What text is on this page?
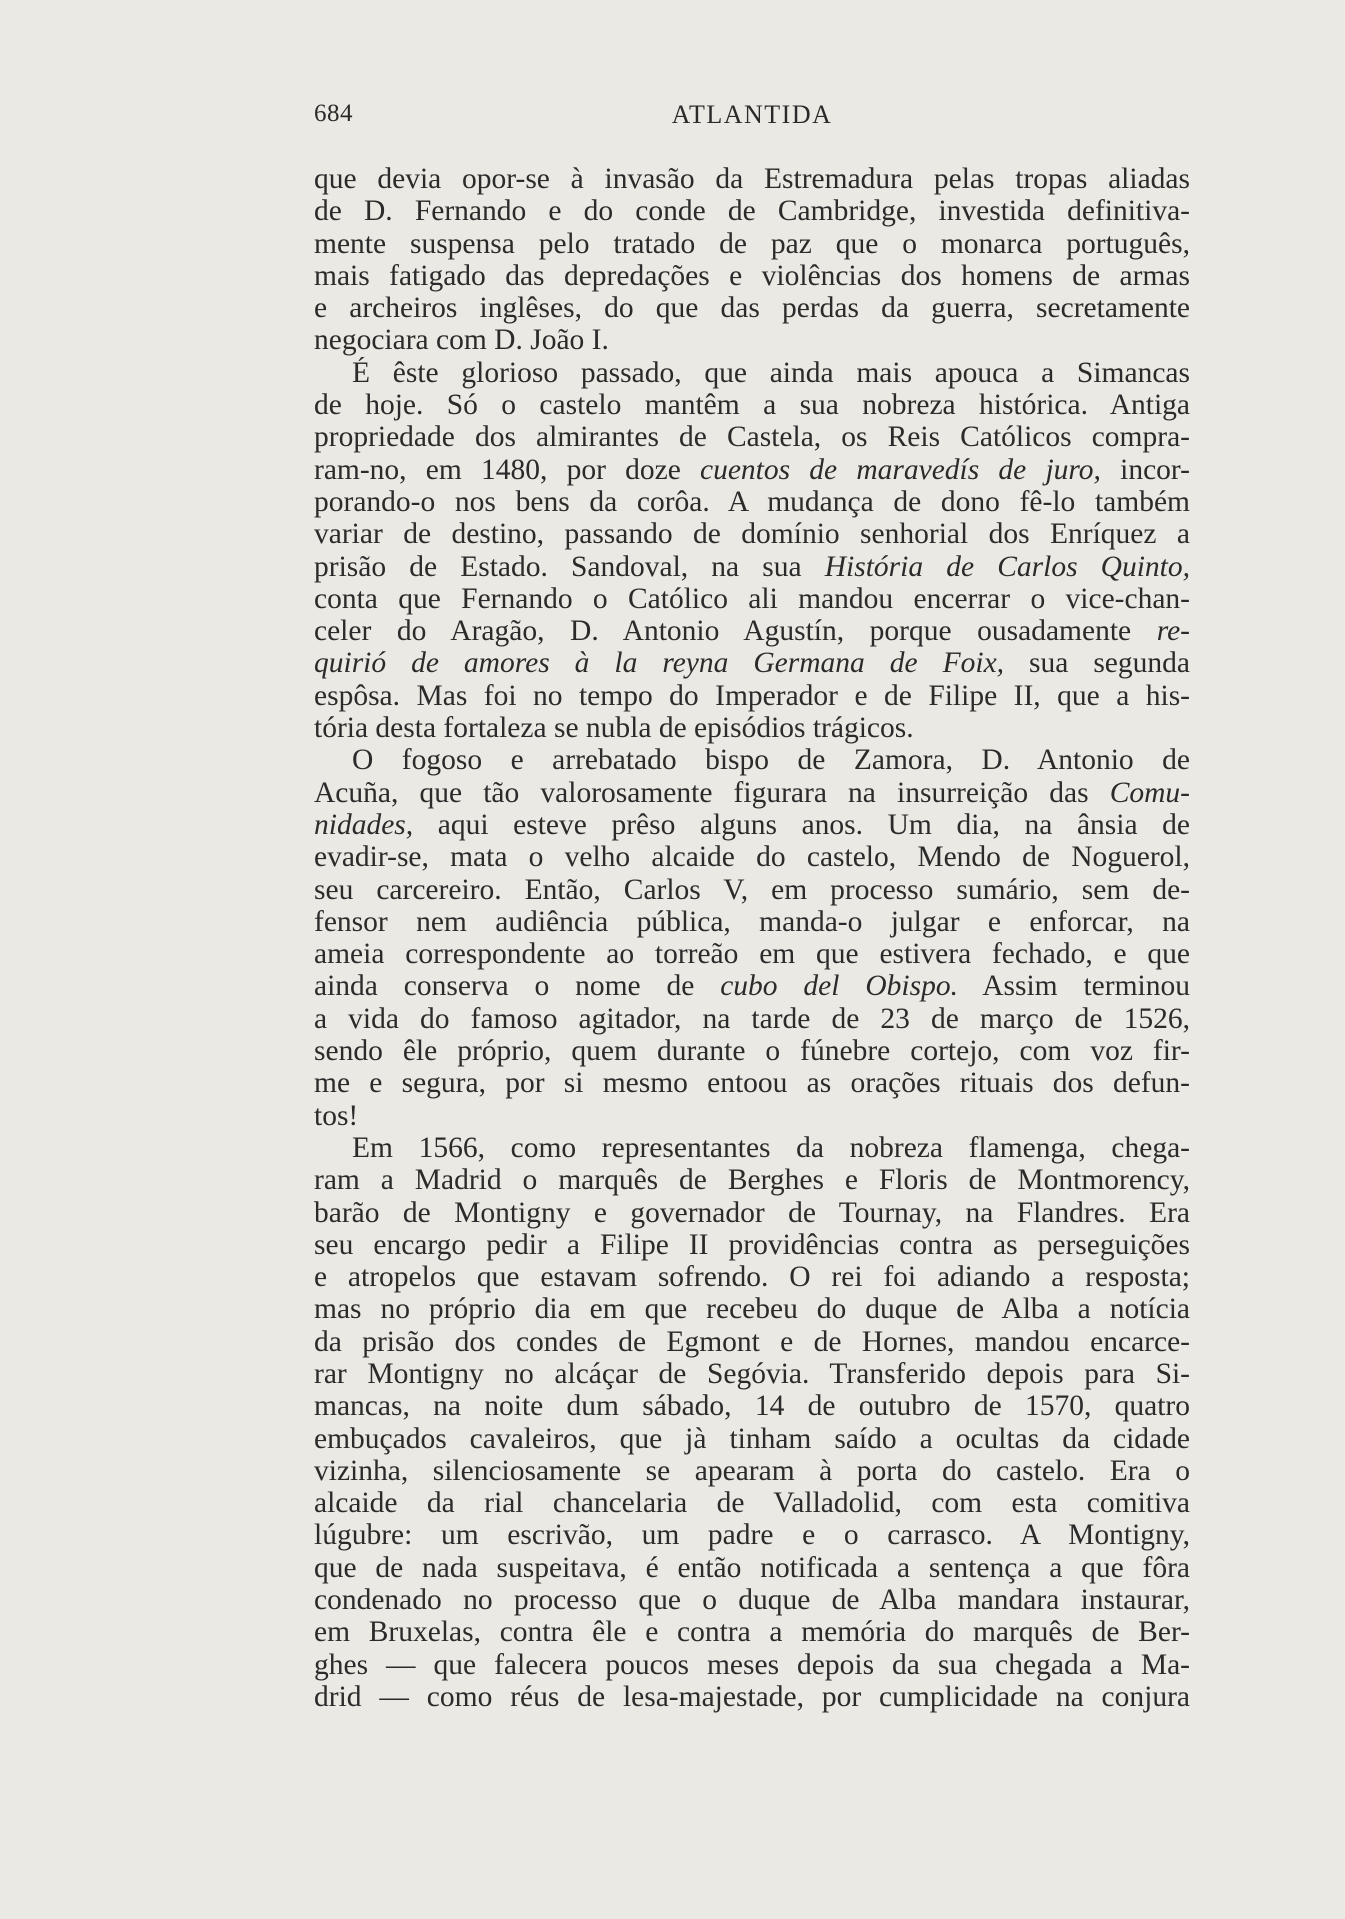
684	ATLANTIDA
que devia opor-se à invasão da Estremadura pelas tropas aliadas
de D. Fernando e do conde de Cambridge, investida definitiva-
mente suspensa pelo tratado de paz que o monarca português,
mais fatigado das depredações e violências dos homens de armas
e archeiros inglêses, do que das perdas da guerra, secretamente
negociara com D. João I.
É êste glorioso passado, que ainda mais apouca a Simancas
de hoje. Só o castelo mantêm a sua nobreza histórica. Antiga
propriedade dos almirantes de Castela, os Reis Católicos compra-
ram-no, em 1480, por doze cuentos de maravedís de juro, incor-
porando-o nos bens da corôa. A mudança de dono fê-lo também
variar de destino, passando de domínio senhorial dos Enríquez a
prisão de Estado. Sandoval, na sua História de Carlos Quinto,
conta que Fernando o Católico ali mandou encerrar o vice-chan-
celer do Aragão, D. Antonio Agustín, porque ousadamente re-
quirió de amores à la reyna Germana de Foix, sua segunda
espôsa. Mas foi no tempo do Imperador e de Filipe II, que a his-
tória desta fortaleza se nubla de episódios trágicos.
O fogoso e arrebatado bispo de Zamora, D. Antonio de
Acuña, que tão valorosamente figurara na insurreição das Comu-
nidades, aqui esteve prêso alguns anos. Um dia, na ânsia de
evadir-se, mata o velho alcaide do castelo, Mendo de Noguerol,
seu carcereiro. Então, Carlos V, em processo sumário, sem de-
fensor nem audiência pública, manda-o julgar e enforcar, na
ameia correspondente ao torreão em que estivera fechado, e que
ainda conserva o nome de cubo del Obispo. Assim terminou
a vida do famoso agitador, na tarde de 23 de março de 1526,
sendo êle próprio, quem durante o fúnebre cortejo, com voz fir-
me e segura, por si mesmo entoou as orações rituais dos defun-
tos!
Em 1566, como representantes da nobreza flamenga, chega-
ram a Madrid o marquês de Berghes e Floris de Montmorency,
barão de Montigny e governador de Tournay, na Flandres. Era
seu encargo pedir a Filipe II providências contra as perseguições
e atropelos que estavam sofrendo. O rei foi adiando a resposta;
mas no próprio dia em que recebeu do duque de Alba a notícia
da prisão dos condes de Egmont e de Hornes, mandou encarce-
rar Montigny no alcáçar de Segóvia. Transferido depois para Si-
mancas, na noite dum sábado, 14 de outubro de 1570, quatro
embuçados cavaleiros, que jà tinham saído a ocultas da cidade
vizinha, silenciosamente se apearam à porta do castelo. Era o
alcaide da rial chancelaria de Valladolid, com esta comitiva
lúgubre: um escrivão, um padre e o carrasco. A Montigny,
que de nada suspeitava, é então notificada a sentença a que fôra
condenado no processo que o duque de Alba mandara instaurar,
em Bruxelas, contra êle e contra a memória do marquês de Ber-
ghes — que falecera poucos meses depois da sua chegada a Ma-
drid — como réus de lesa-majestade, por cumplicidade na conjura
